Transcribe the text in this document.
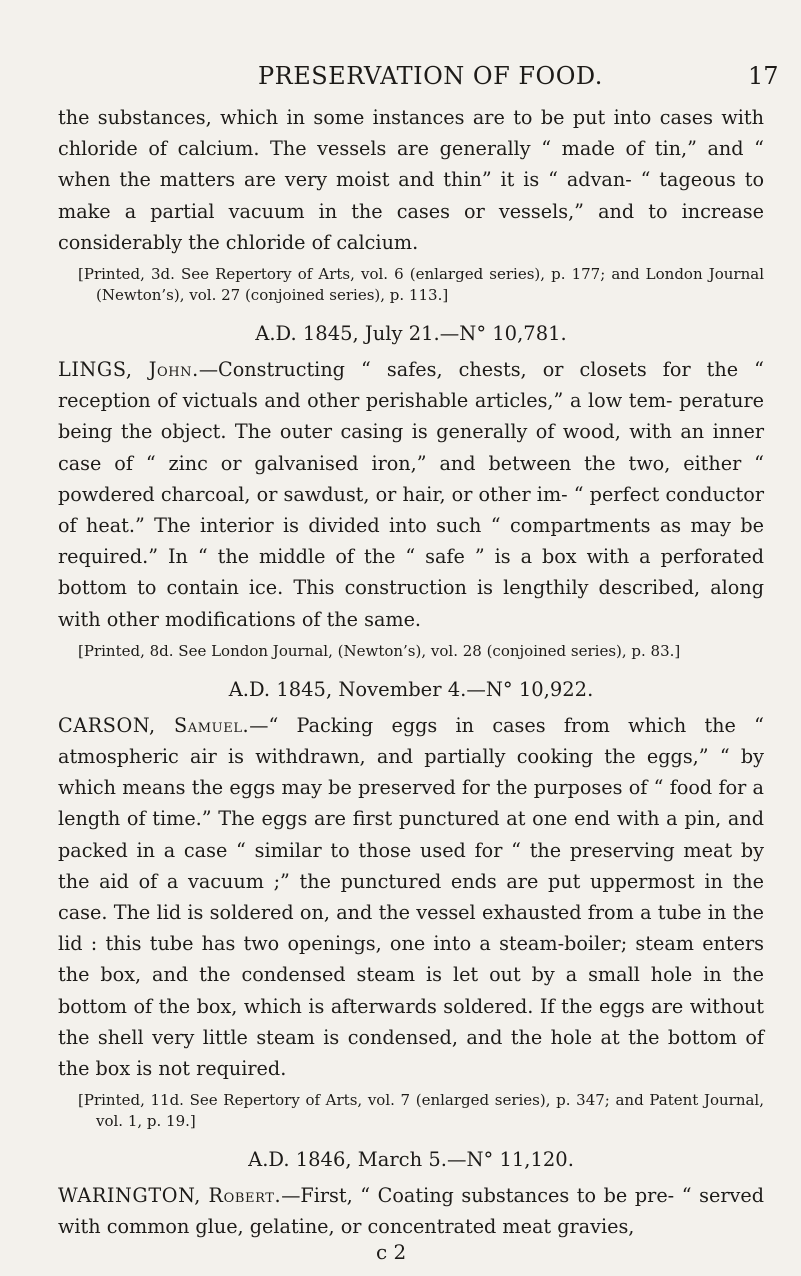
PRESERVATION OF FOOD.	17

the substances, which in some instances are to be put into cases with chloride of calcium. The vessels are generally “ made of tin,” and “ when the matters are very moist and thin” it is “ advan- “ tageous to make a partial vacuum in the cases or vessels,” and to increase considerably the chloride of calcium.

[Printed, 3d. See Repertory of Arts, vol. 6 (enlarged series), p. 177; and London Journal (Newton’s), vol. 27 (conjoined series), p. 113.]

A.D. 1845, July 21.—N° 10,781.

LINGS, John.—Constructing “ safes, chests, or closets for the “ reception of victuals and other perishable articles,” a low tem- perature being the object. The outer casing is generally of wood, with an inner case of “ zinc or galvanised iron,” and between the two, either “ powdered charcoal, or sawdust, or hair, or other im- “ perfect conductor of heat.” The interior is divided into such “ compartments as may be required.” In “ the middle of the “ safe ” is a box with a perforated bottom to contain ice. This construction is lengthily described, along with other modifications of the same.

[Printed, 8d. See London Journal, (Newton’s), vol. 28 (conjoined series), p. 83.]

A.D. 1845, November 4.—N° 10,922.

CARSON, Samuel.—“ Packing eggs in cases from which the “ atmospheric air is withdrawn, and partially cooking the eggs,” “ by which means the eggs may be preserved for the purposes of “ food for a length of time.” The eggs are first punctured at one end with a pin, and packed in a case “ similar to those used for “ the preserving meat by the aid of a vacuum ;” the punctured ends are put uppermost in the case. The lid is soldered on, and the vessel exhausted from a tube in the lid : this tube has two openings, one into a steam-boiler; steam enters the box, and the condensed steam is let out by a small hole in the bottom of the box, which is afterwards soldered. If the eggs are without the shell very little steam is condensed, and the hole at the bottom of the box is not required.

[Printed, 11d. See Repertory of Arts, vol. 7 (enlarged series), p. 347; and Patent Journal, vol. 1, p. 19.]

A.D. 1846, March 5.—N° 11,120.

WARINGTON, Robert.—First, “ Coating substances to be pre- “ served with common glue, gelatine, or concentrated meat gravies,

c 2
